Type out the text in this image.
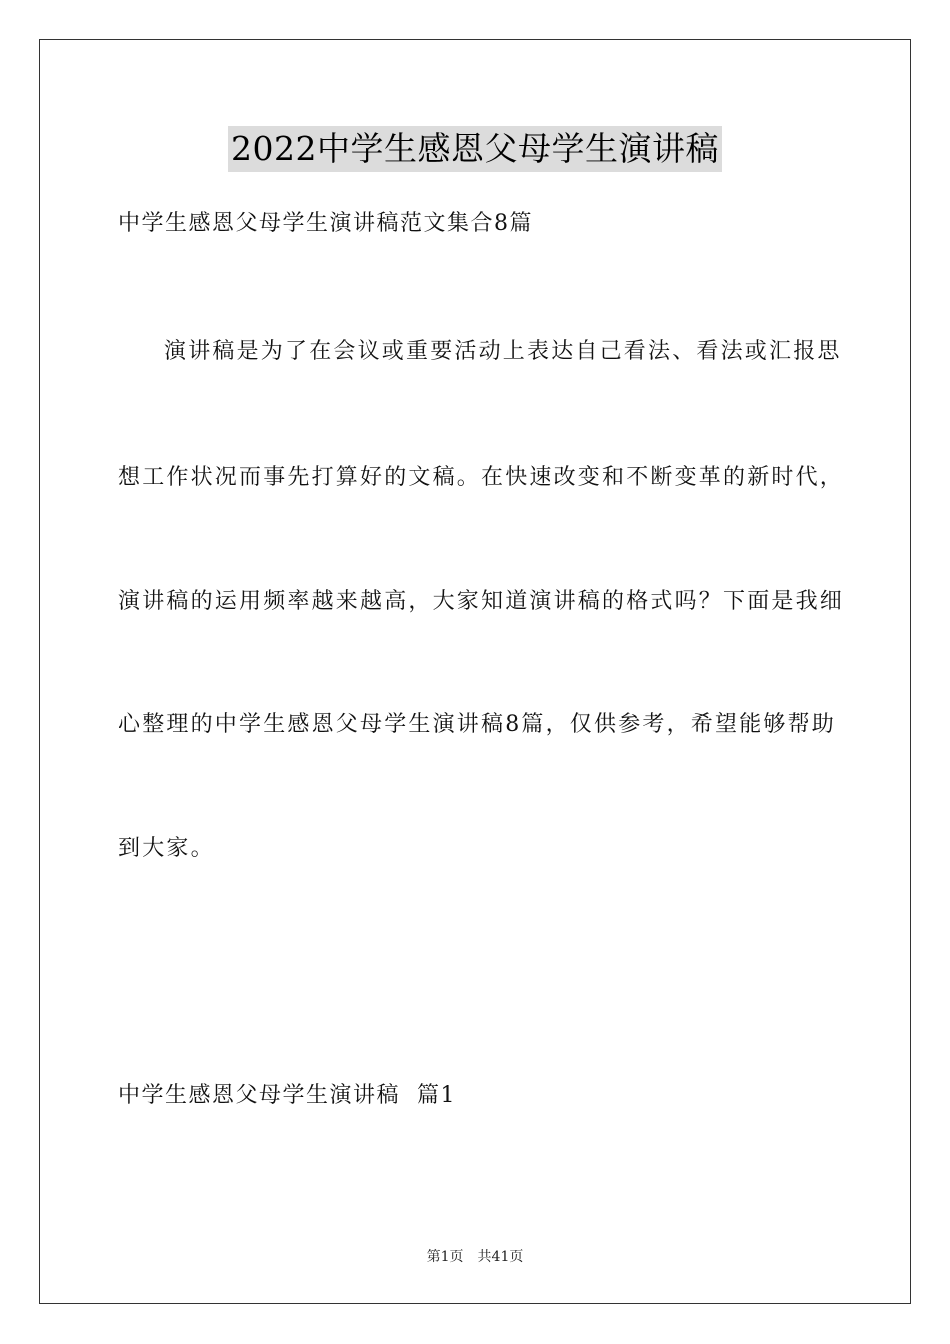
2022中学生感恩父母学生演讲稿
中学生感恩父母学生演讲稿范文集合8篇
演讲稿是为了在会议或重要活动上表达自己看法、看法或汇报思
想工作状况而事先打算好的文稿。在快速改变和不断变革的新时代，
演讲稿的运用频率越来越高，大家知道演讲稿的格式吗？下面是我细
心整理的中学生感恩父母学生演讲稿8篇，仅供参考，希望能够帮助
到大家。
中学生感恩父母学生演讲稿  篇1
第1页 共41页
